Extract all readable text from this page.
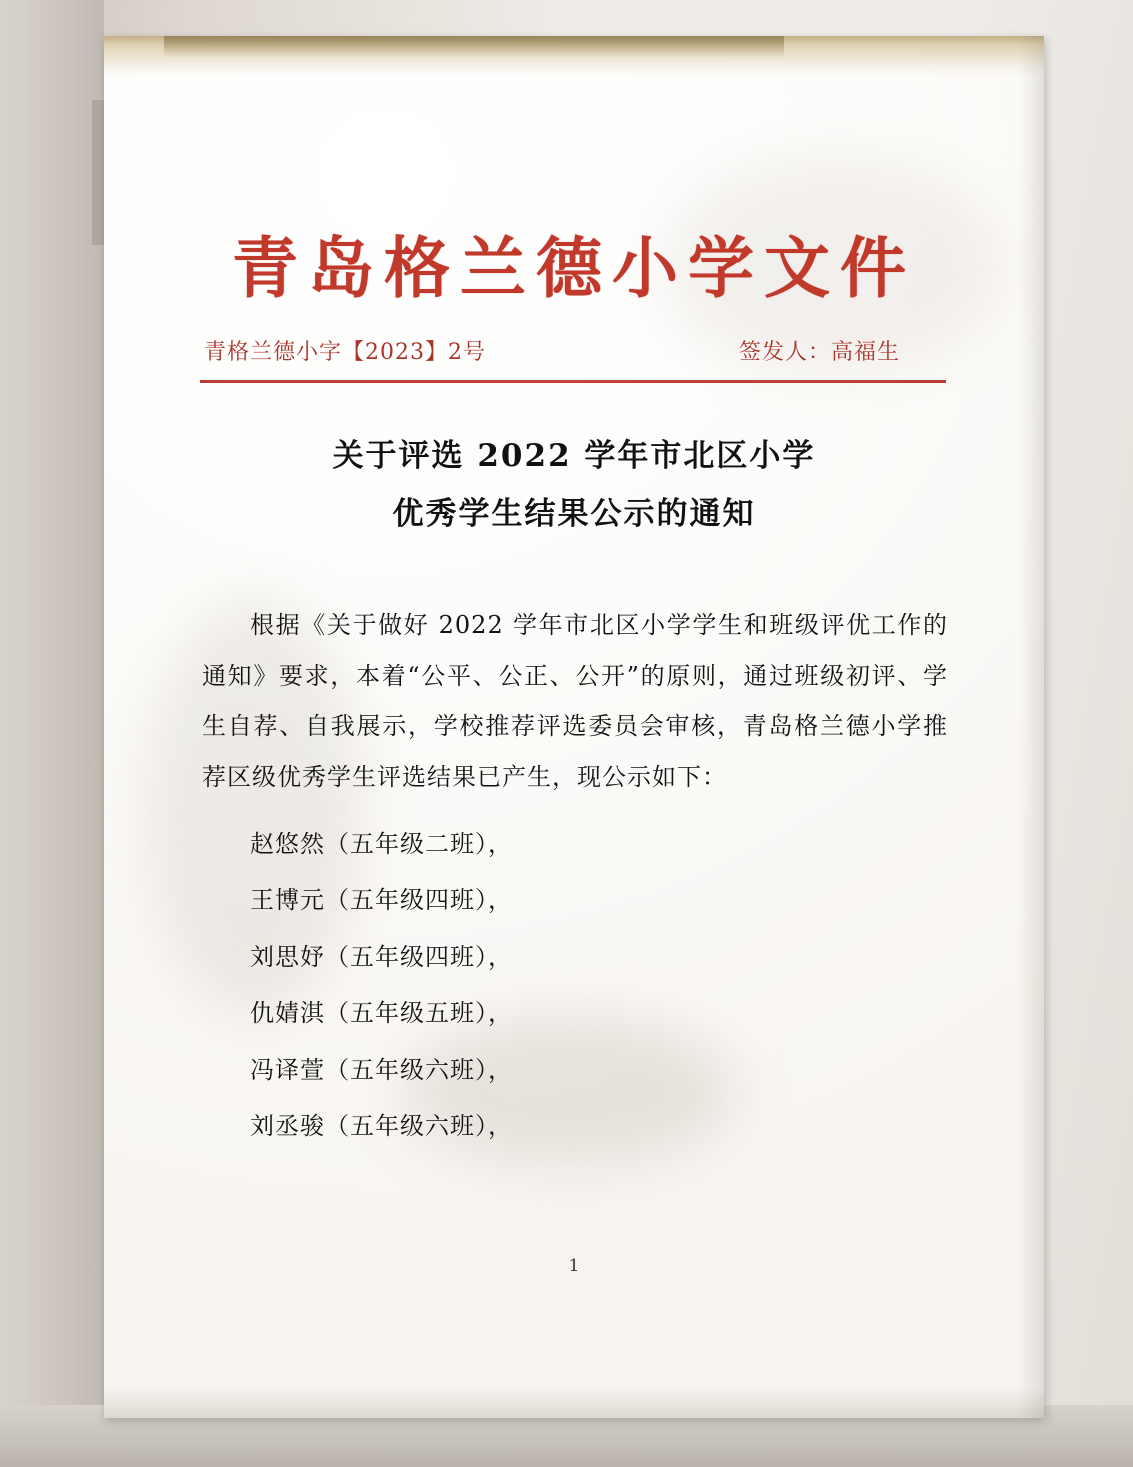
青岛格兰德小学文件
青格兰德小字【2023】2号	签发人：高福生
关于评选 2022 学年市北区小学
优秀学生结果公示的通知

根据《关于做好 2022 学年市北区小学学生和班级评优工作的通知》要求，本着“公平、公正、公开”的原则，通过班级初评、学生自荐、自我展示，学校推荐评选委员会审核，青岛格兰德小学推荐区级优秀学生评选结果已产生，现公示如下：

赵悠然（五年级二班），
王博元（五年级四班），
刘思妤（五年级四班），
仇婧淇（五年级五班），
冯译萱（五年级六班），
刘丞骏（五年级六班），
1
